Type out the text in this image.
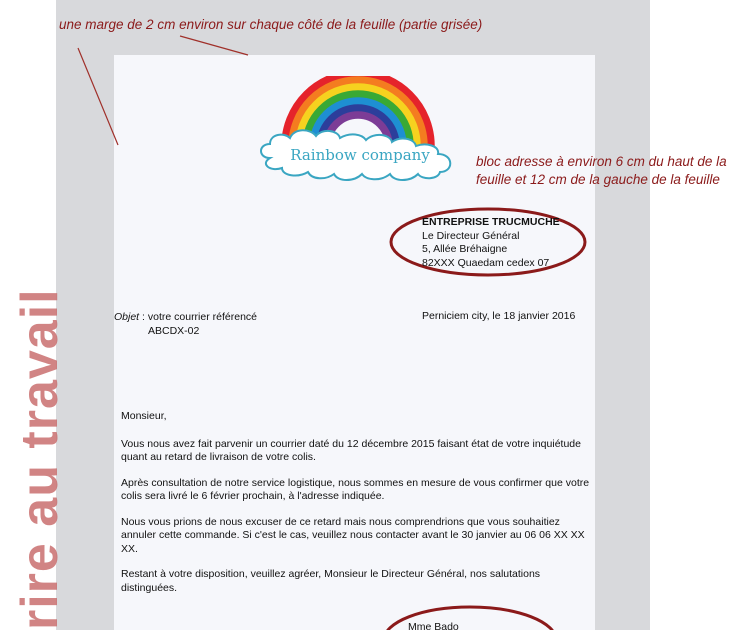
rire au travail
une marge de 2 cm environ sur chaque côté de la feuille (partie grisée)
bloc adresse à environ 6 cm du haut de la feuille et 12 cm de la gauche de la feuille
Rainbow company
ENTREPRISE TRUCMUCHE
Le Directeur Général
5, Allée Bréhaigne
82XXX Quaedam cedex 07
Objet : votre courrier référencé
ABCDX-02
Perniciem city, le 18 janvier 2016

Monsieur,

Vous nous avez fait parvenir un courrier daté du 12 décembre 2015 faisant état de votre inquiétude quant au retard de livraison de votre colis.

Après consultation de notre service logistique, nous sommes en mesure de vous confirmer que votre colis sera livré le 6 février prochain, à l'adresse indiquée.

Nous vous prions de nous excuser de ce retard mais nous comprendrions que vous souhaitiez annuler cette commande. Si c'est le cas, veuillez nous contacter avant le 30 janvier au 06 06 XX XX XX.

Restant à votre disposition, veuillez agréer, Monsieur le Directeur Général, nos salutations distinguées.

Mme Bado
